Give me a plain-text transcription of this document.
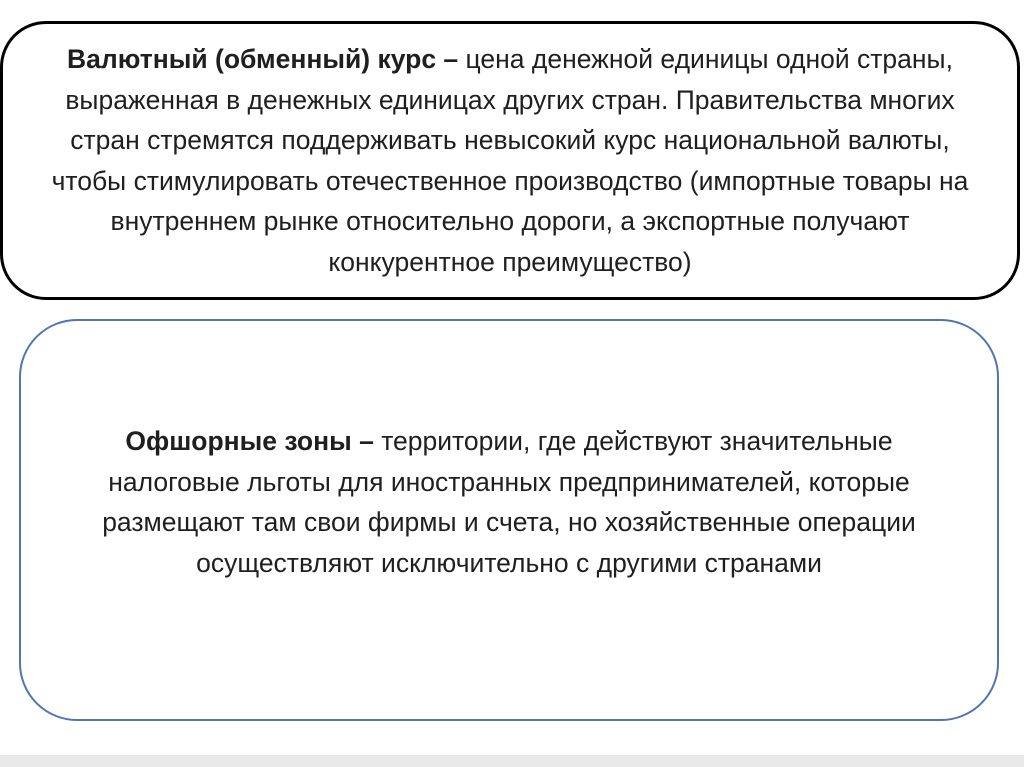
Валютный (обменный) курс – цена денежной единицы одной страны, выраженная в денежных единицах других стран. Правительства многих стран стремятся поддерживать невысокий курс национальной валюты, чтобы стимулировать отечественное производство (импортные товары на внутреннем рынке относительно дороги, а экспортные получают конкурентное преимущество)

Офшорные зоны – территории, где действуют значительные налоговые льготы для иностранных предпринимателей, которые размещают там свои фирмы и счета, но хозяйственные операции осуществляют исключительно с другими странами
